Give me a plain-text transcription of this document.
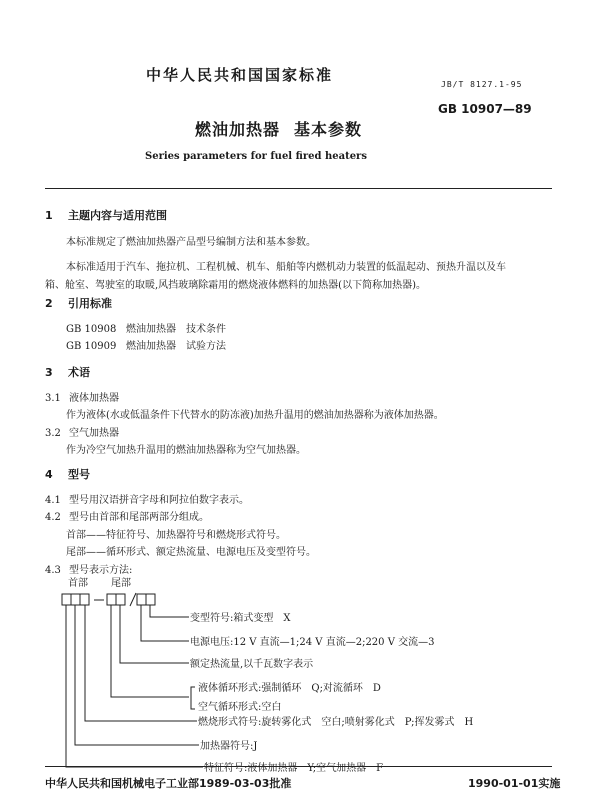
中华人民共和国国家标准
JB/T 8127.1-95
GB 10907—89
燃油加热器 基本参数
Series parameters for fuel fired heaters
1 主题内容与适用范围
本标准规定了燃油加热器产品型号编制方法和基本参数。
本标准适用于汽车、拖拉机、工程机械、机车、船舶等内燃机动力装置的低温起动、预热升温以及车
箱、舱室、驾驶室的取暖,风挡玻璃除霜用的燃烧液体燃料的加热器(以下简称加热器)。
2 引用标准
GB 10908 燃油加热器　技术条件
GB 10909 燃油加热器　试验方法
3 术语
3.1 液体加热器
作为液体(水或低温条件下代替水的防冻液)加热升温用的燃油加热器称为液体加热器。
3.2 空气加热器
作为冷空气加热升温用的燃油加热器称为空气加热器。
4 型号
4.1 型号用汉语拼音字母和阿拉伯数字表示。
4.2 型号由首部和尾部两部分组成。
首部——特征符号、加热器符号和燃烧形式符号。
尾部——循环形式、额定热流量、电源电压及变型符号。
4.3 型号表示方法:
首部 尾部
变型符号:箱式变型　X
电源电压:12 V 直流—1;24 V 直流—2;220 V 交流—3
额定热流量,以千瓦数字表示
液体循环形式:强制循环　Q;对流循环　D
空气循环形式:空白
燃烧形式符号:旋转雾化式　空白;喷射雾化式　P;挥发雾式　H
加热器符号:J
特征符号:液体加热器　Y;空气加热器　F
中华人民共和国机械电子工业部1989-03-03批准	1990-01-01实施
